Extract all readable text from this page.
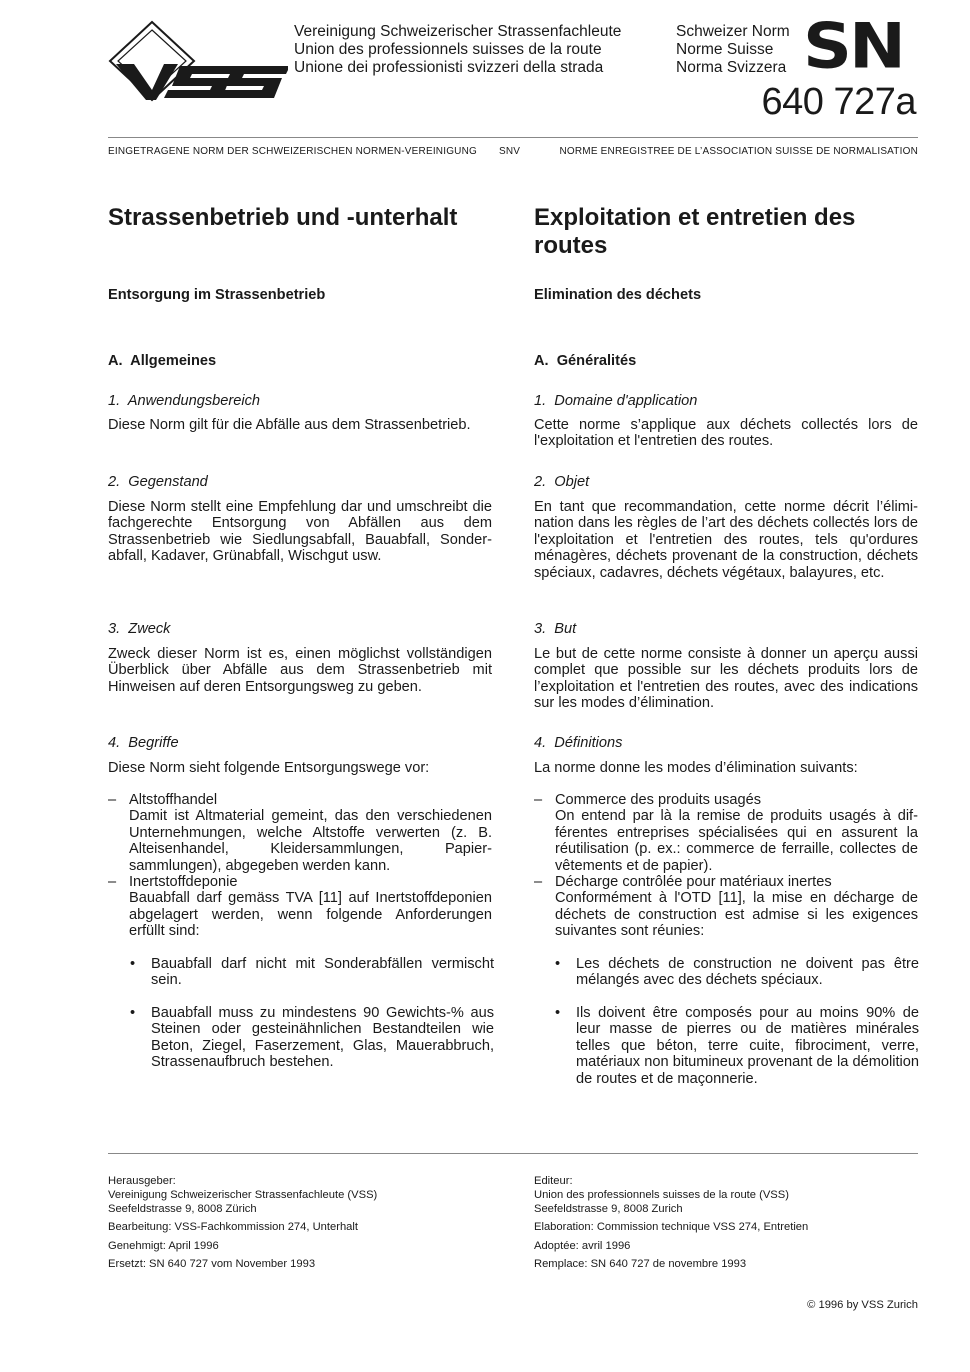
Vereinigung Schweizerischer Strassenfachleute
Union des professionnels suisses de la route
Unione dei professionisti svizzeri della strada
Schweizer Norm
Norme Suisse
Norma Svizzera SN
640 727a
EINGETRAGENE NORM DER SCHWEIZERISCHEN NORMEN-VEREINIGUNG SNV	NORME ENREGISTREE DE L’ASSOCIATION SUISSE DE NORMALISATION
Strassenbetrieb und -unterhalt
Entsorgung im Strassenbetrieb
A.  Allgemeines
1.  Anwendungsbereich
Diese Norm gilt für die Abfälle aus dem Strassenbetrieb.
2.  Gegenstand
Diese Norm stellt eine Empfehlung dar und umschreibt die fachgerechte Entsorgung von Abfällen aus dem Strassenbetrieb wie Siedlungsabfall, Bauabfall, Sonderabfall, Kadaver, Grünabfall, Wischgut usw.
3.  Zweck
Zweck dieser Norm ist es, einen möglichst vollständigen Überblick über Abfälle aus dem Strassenbetrieb mit Hinweisen auf deren Entsorgungsweg zu geben.
4.  Begriffe
Diese Norm sieht folgende Entsorgungswege vor:
– Altstoffhandel
Damit ist Altmaterial gemeint, das den verschiedenen Unternehmungen, welche Altstoffe verwerten (z. B. Alteisenhandel, Kleidersammlungen, Papiersammlungen), abgegeben werden kann.
– Inertstoffdeponie
Bauabfall darf gemäss TVA [11] auf Inertstoffdeponien abgelagert werden, wenn folgende Anforderungen erfüllt sind:
• Bauabfall darf nicht mit Sonderabfällen vermischt sein.
• Bauabfall muss zu mindestens 90 Gewichts-% aus Steinen oder gesteinähnlichen Bestandteilen wie Beton, Ziegel, Faserzement, Glas, Mauerabbruch, Strassenaufbruch bestehen.
Exploitation et entretien des routes
Elimination des déchets
A.  Généralités
1.  Domaine d'application
Cette norme s’applique aux déchets collectés lors de l'exploitation et l'entretien des routes.
2.  Objet
En tant que recommandation, cette norme décrit l’élimination dans les règles de l’art des déchets collectés lors de l'exploitation et l'entretien des routes, tels qu'ordures ménagères, déchets provenant de la construction, déchets spéciaux, cadavres, déchets végétaux, balayures, etc.
3.  But
Le but de cette norme consiste à donner un aperçu aussi complet que possible sur les déchets produits lors de l’exploitation et l'entretien des routes, avec des indications sur les modes d’élimination.
4.  Définitions
La norme donne les modes d’élimination suivants:
– Commerce des produits usagés
On entend par là la remise de produits usagés à différentes entreprises spécialisées qui en assurent la réutilisation (p. ex.: commerce de ferraille, collectes de vêtements et de papier).
– Décharge contrôlée pour matériaux inertes
Conformément à l'OTD [11], la mise en décharge de déchets de construction est admise si les exigences suivantes sont réunies:
• Les déchets de construction ne doivent pas être mélangés avec des déchets spéciaux.
• Ils doivent être composés pour au moins 90% de leur masse de pierres ou de matières minérales telles que béton, terre cuite, fibrociment, verre, matériaux non bitumineux provenant de la démolition de routes et de maçonnerie.
Herausgeber:
Vereinigung Schweizerischer Strassenfachleute (VSS)
Seefeldstrasse 9, 8008 Zürich
Bearbeitung: VSS-Fachkommission 274, Unterhalt
Genehmigt: April 1996
Ersetzt: SN 640 727 vom November 1993
Editeur:
Union des professionnels suisses de la route (VSS)
Seefeldstrasse 9, 8008 Zurich
Elaboration: Commission technique VSS 274, Entretien
Adoptée: avril 1996
Remplace: SN 640 727 de novembre 1993
© 1996 by VSS Zurich
